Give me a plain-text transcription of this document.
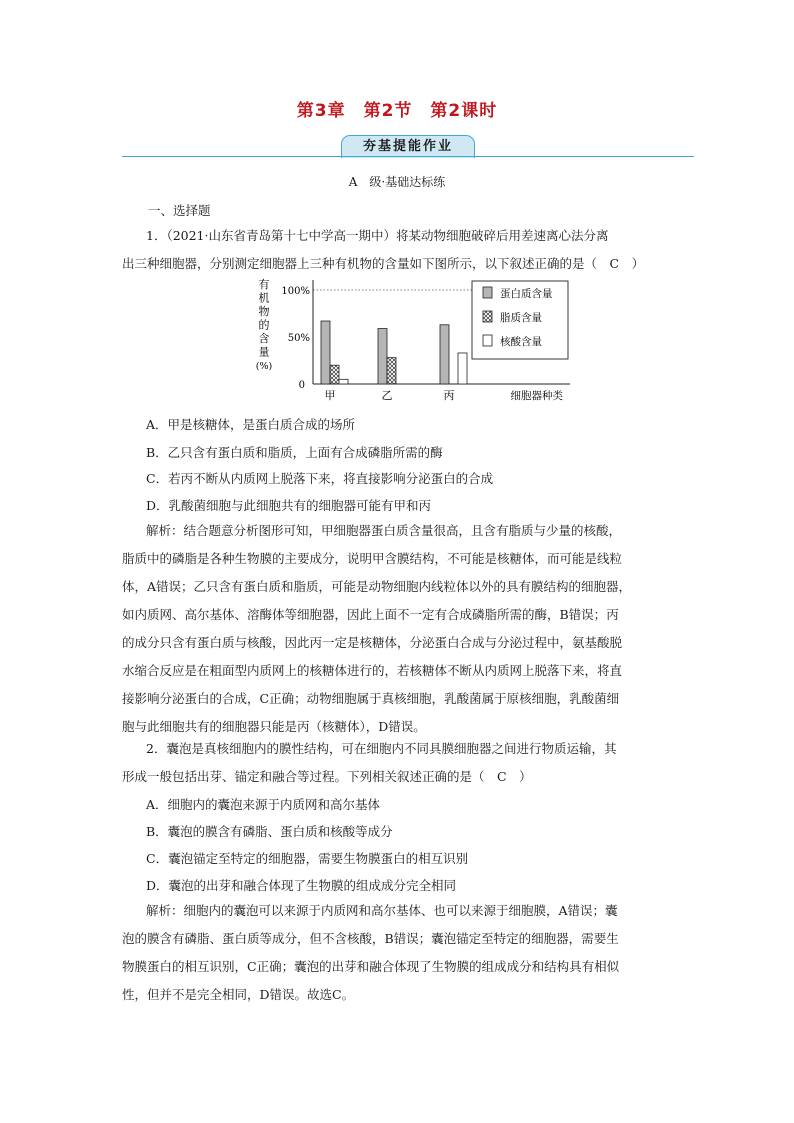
第3章　第2节　第2课时
夯基提能作业
A　级·基础达标练
一、选择题
1．（2021·山东省青岛第十七中学高一期中）将某动物细胞破碎后用差速离心法分离
出三种细胞器，分别测定细胞器上三种有机物的含量如下图所示，以下叙述正确的是（　C　）
有
机
物
的
含
量
(%)
100%
50%
0
甲	乙	丙	细胞器种类
蛋白质含量
脂质含量
核酸含量
A．甲是核糖体，是蛋白质合成的场所
B．乙只含有蛋白质和脂质，上面有合成磷脂所需的酶
C．若丙不断从内质网上脱落下来，将直接影响分泌蛋白的合成
D．乳酸菌细胞与此细胞共有的细胞器可能有甲和丙
解析：结合题意分析图形可知，甲细胞器蛋白质含量很高，且含有脂质与少量的核酸，
脂质中的磷脂是各种生物膜的主要成分，说明甲含膜结构，不可能是核糖体，而可能是线粒
体，A错误；乙只含有蛋白质和脂质，可能是动物细胞内线粒体以外的具有膜结构的细胞器，
如内质网、高尔基体、溶酶体等细胞器，因此上面不一定有合成磷脂所需的酶，B错误；丙
的成分只含有蛋白质与核酸，因此丙一定是核糖体，分泌蛋白合成与分泌过程中，氨基酸脱
水缩合反应是在粗面型内质网上的核糖体进行的，若核糖体不断从内质网上脱落下来，将直
接影响分泌蛋白的合成，C正确；动物细胞属于真核细胞，乳酸菌属于原核细胞，乳酸菌细
胞与此细胞共有的细胞器只能是丙（核糖体），D错误。
2．囊泡是真核细胞内的膜性结构，可在细胞内不同具膜细胞器之间进行物质运输，其
形成一般包括出芽、锚定和融合等过程。下列相关叙述正确的是（　C　）
A．细胞内的囊泡来源于内质网和高尔基体
B．囊泡的膜含有磷脂、蛋白质和核酸等成分
C．囊泡锚定至特定的细胞器，需要生物膜蛋白的相互识别
D．囊泡的出芽和融合体现了生物膜的组成成分完全相同
解析：细胞内的囊泡可以来源于内质网和高尔基体、也可以来源于细胞膜，A错误；囊
泡的膜含有磷脂、蛋白质等成分，但不含核酸，B错误；囊泡锚定至特定的细胞器，需要生
物膜蛋白的相互识别，C正确；囊泡的出芽和融合体现了生物膜的组成成分和结构具有相似
性，但并不是完全相同，D错误。故选C。
